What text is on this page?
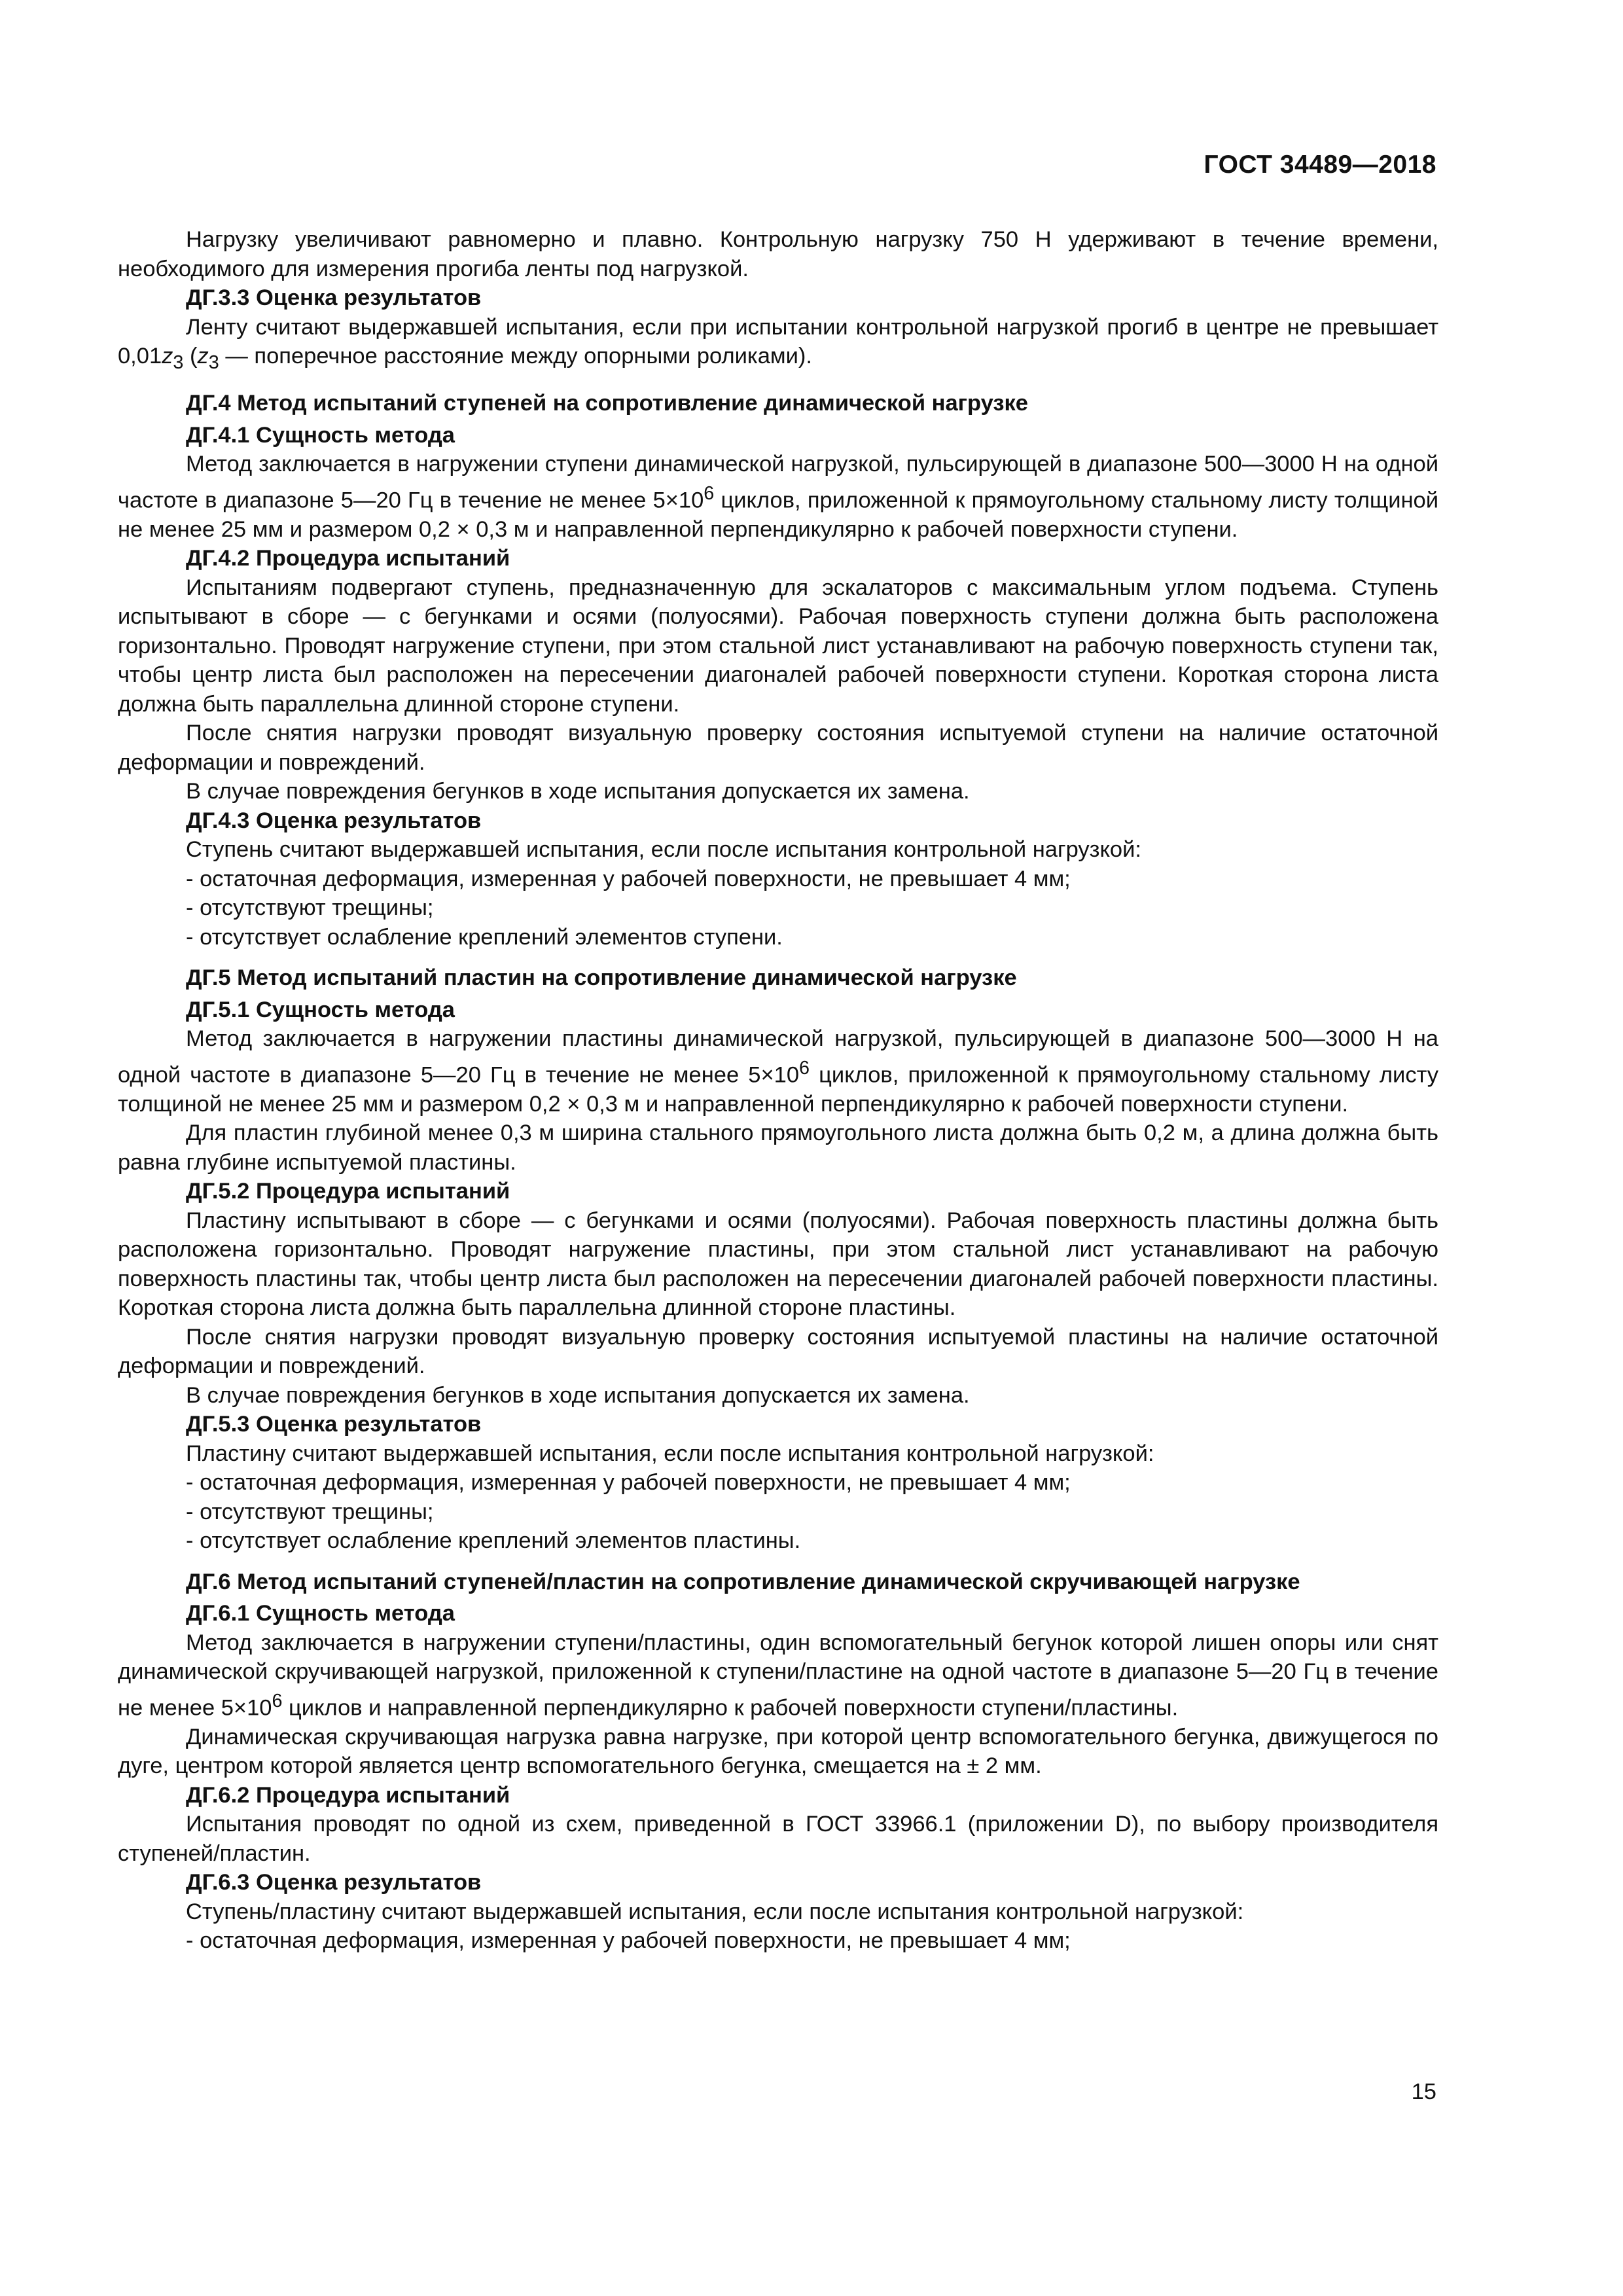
ГОСТ 34489—2018

Нагрузку увеличивают равномерно и плавно. Контрольную нагрузку 750 Н удерживают в течение времени, необходимого для измерения прогиба ленты под нагрузкой.

ДГ.3.3 Оценка результатов

Ленту считают выдержавшей испытания, если при испытании контрольной нагрузкой прогиб в центре не превышает $0,01z_3$ ($z_3$ — поперечное расстояние между опорными роликами).

ДГ.4 Метод испытаний ступеней на сопротивление динамической нагрузке
ДГ.4.1 Сущность метода

Метод заключается в нагружении ступени динамической нагрузкой, пульсирующей в диапазоне 500—3000 Н на одной частоте в диапазоне 5—20 Гц в течение не менее $5\times 10^6$ циклов, приложенной к прямоугольному стальному листу толщиной не менее 25 мм и размером 0,2 × 0,3 м и направленной перпендикулярно к рабочей поверхности ступени.

ДГ.4.2 Процедура испытаний

Испытаниям подвергают ступень, предназначенную для эскалаторов с максимальным углом подъема. Ступень испытывают в сборе — с бегунками и осями (полуосями). Рабочая поверхность ступени должна быть расположена горизонтально. Проводят нагружение ступени, при этом стальной лист устанавливают на рабочую поверхность ступени так, чтобы центр листа был расположен на пересечении диагоналей рабочей поверхности ступени. Короткая сторона листа должна быть параллельна длинной стороне ступени.

После снятия нагрузки проводят визуальную проверку состояния испытуемой ступени на наличие остаточной деформации и повреждений.

В случае повреждения бегунков в ходе испытания допускается их замена.

ДГ.4.3 Оценка результатов

Ступень считают выдержавшей испытания, если после испытания контрольной нагрузкой:

- остаточная деформация, измеренная у рабочей поверхности, не превышает 4 мм;
- отсутствуют трещины;
- отсутствует ослабление креплений элементов ступени.
ДГ.5 Метод испытаний пластин на сопротивление динамической нагрузке
ДГ.5.1 Сущность метода

Метод заключается в нагружении пластины динамической нагрузкой, пульсирующей в диапазоне 500—3000 Н на одной частоте в диапазоне 5—20 Гц в течение не менее $5\times 10^6$ циклов, приложенной к прямоугольному стальному листу толщиной не менее 25 мм и размером 0,2 × 0,3 м и направленной перпендикулярно к рабочей поверхности ступени.

Для пластин глубиной менее 0,3 м ширина стального прямоугольного листа должна быть 0,2 м, а длина должна быть равна глубине испытуемой пластины.

ДГ.5.2 Процедура испытаний

Пластину испытывают в сборе — с бегунками и осями (полуосями). Рабочая поверхность пластины должна быть расположена горизонтально. Проводят нагружение пластины, при этом стальной лист устанавливают на рабочую поверхность пластины так, чтобы центр листа был расположен на пересечении диагоналей рабочей поверхности пластины. Короткая сторона листа должна быть параллельна длинной стороне пластины.

После снятия нагрузки проводят визуальную проверку состояния испытуемой пластины на наличие остаточной деформации и повреждений.

В случае повреждения бегунков в ходе испытания допускается их замена.

ДГ.5.3 Оценка результатов

Пластину считают выдержавшей испытания, если после испытания контрольной нагрузкой:

- остаточная деформация, измеренная у рабочей поверхности, не превышает 4 мм;
- отсутствуют трещины;
- отсутствует ослабление креплений элементов пластины.
ДГ.6 Метод испытаний ступеней/пластин на сопротивление динамической скручивающей нагрузке
ДГ.6.1 Сущность метода

Метод заключается в нагружении ступени/пластины, один вспомогательный бегунок которой лишен опоры или снят динамической скручивающей нагрузкой, приложенной к ступени/пластине на одной частоте в диапазоне 5—20 Гц в течение не менее $5\times 10^6$ циклов и направленной перпендикулярно к рабочей поверхности ступени/пластины.

Динамическая скручивающая нагрузка равна нагрузке, при которой центр вспомогательного бегунка, движущегося по дуге, центром которой является центр вспомогательного бегунка, смещается на ± 2 мм.

ДГ.6.2 Процедура испытаний

Испытания проводят по одной из схем, приведенной в ГОСТ 33966.1 (приложении D), по выбору производителя ступеней/пластин.

ДГ.6.3 Оценка результатов

Ступень/пластину считают выдержавшей испытания, если после испытания контрольной нагрузкой:

- остаточная деформация, измеренная у рабочей поверхности, не превышает 4 мм;
15
